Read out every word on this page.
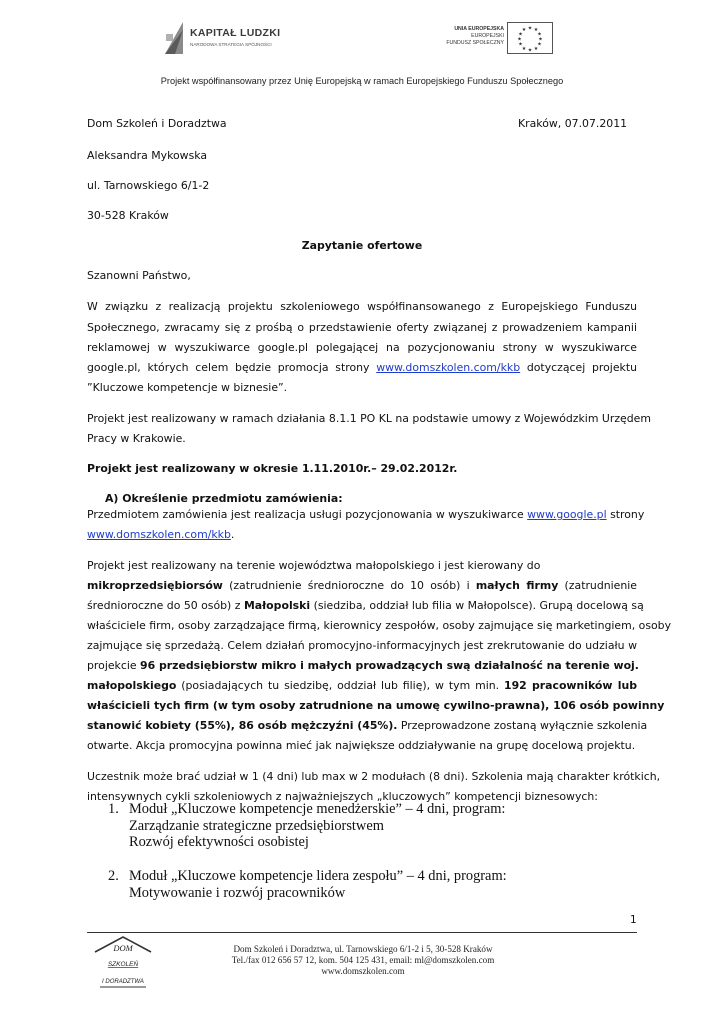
KAPITAŁ LUDZKI
NARODOWA STRATEGIA SPÓJNOŚCI
UNIA EUROPEJSKA
EUROPEJSKI
FUNDUSZ SPOŁECZNY
★ ★
★
★
★
★
★
★
★
★
★
★
Projekt współfinansowany przez Unię Europejską w ramach Europejskiego Funduszu Społecznego
Dom Szkoleń i Doradztwa	Kraków, 07.07.2011
Aleksandra Mykowska
ul. Tarnowskiego 6/1-2
30-528 Kraków
Zapytanie ofertowe
Szanowni Państwo,
W związku z realizacją projektu szkoleniowego współfinansowanego z Europejskiego Funduszu
Społecznego, zwracamy się z prośbą o przedstawienie oferty związanej z prowadzeniem kampanii
reklamowej w wyszukiwarce google.pl polegającej na pozycjonowaniu strony w wyszukiwarce
google.pl, których celem będzie promocja strony www.domszkolen.com/kkb dotyczącej projektu
”Kluczowe kompetencje w biznesie”.
Projekt jest realizowany w ramach działania 8.1.1 PO KL na podstawie umowy z Wojewódzkim Urzędem
Pracy w Krakowie.
Projekt jest realizowany w okresie 1.11.2010r.– 29.02.2012r.
A) Określenie przedmiotu zamówienia:
Przedmiotem zamówienia jest realizacja usługi pozycjonowania w wyszukiwarce www.google.pl strony
www.domszkolen.com/kkb.
Projekt jest realizowany na terenie województwa małopolskiego i jest kierowany do
mikroprzedsiębiorsów (zatrudnienie średnioroczne do 10 osób) i małych firmy (zatrudnienie
średnioroczne do 50 osób) z Małopolski (siedziba, oddział lub filia w Małopolsce). Grupą docelową są
właściciele firm, osoby zarządzające firmą, kierownicy zespołów, osoby zajmujące się marketingiem, osoby
zajmujące się sprzedażą. Celem działań promocyjno-informacyjnych jest zrekrutowanie do udziału w
projekcie 96 przedsiębiorstw mikro i małych prowadzących swą działalność na terenie woj.
małopolskiego (posiadających tu siedzibę, oddział lub filię), w tym min. 192 pracowników lub
właścicieli tych firm (w tym osoby zatrudnione na umowę cywilno-prawna), 106 osób powinny
stanowić kobiety (55%), 86 osób mężczyźni (45%). Przeprowadzone zostaną wyłącznie szkolenia
otwarte. Akcja promocyjna powinna mieć jak największe oddziaływanie na grupę docelową projektu.
Uczestnik może brać udział w 1 (4 dni) lub max w 2 modułach (8 dni). Szkolenia mają charakter krótkich,
intensywnych cykli szkoleniowych z najważniejszych „kluczowych” kompetencji biznesowych:
1. Moduł „Kluczowe kompetencje menedżerskie” – 4 dni, program:
Zarządzanie strategiczne przedsiębiorstwem
Rozwój efektywności osobistej
2. Moduł „Kluczowe kompetencje lidera zespołu” – 4 dni, program:
Motywowanie i rozwój pracowników
1
DOM
SZKOLEŃ
I DORADZTWA
Dom Szkoleń i Doradztwa, ul. Tarnowskiego 6/1-2 i 5, 30-528 Kraków
Tel./fax 012 656 57 12, kom. 504 125 431, email: ml@domszkolen.com
www.domszkolen.com
